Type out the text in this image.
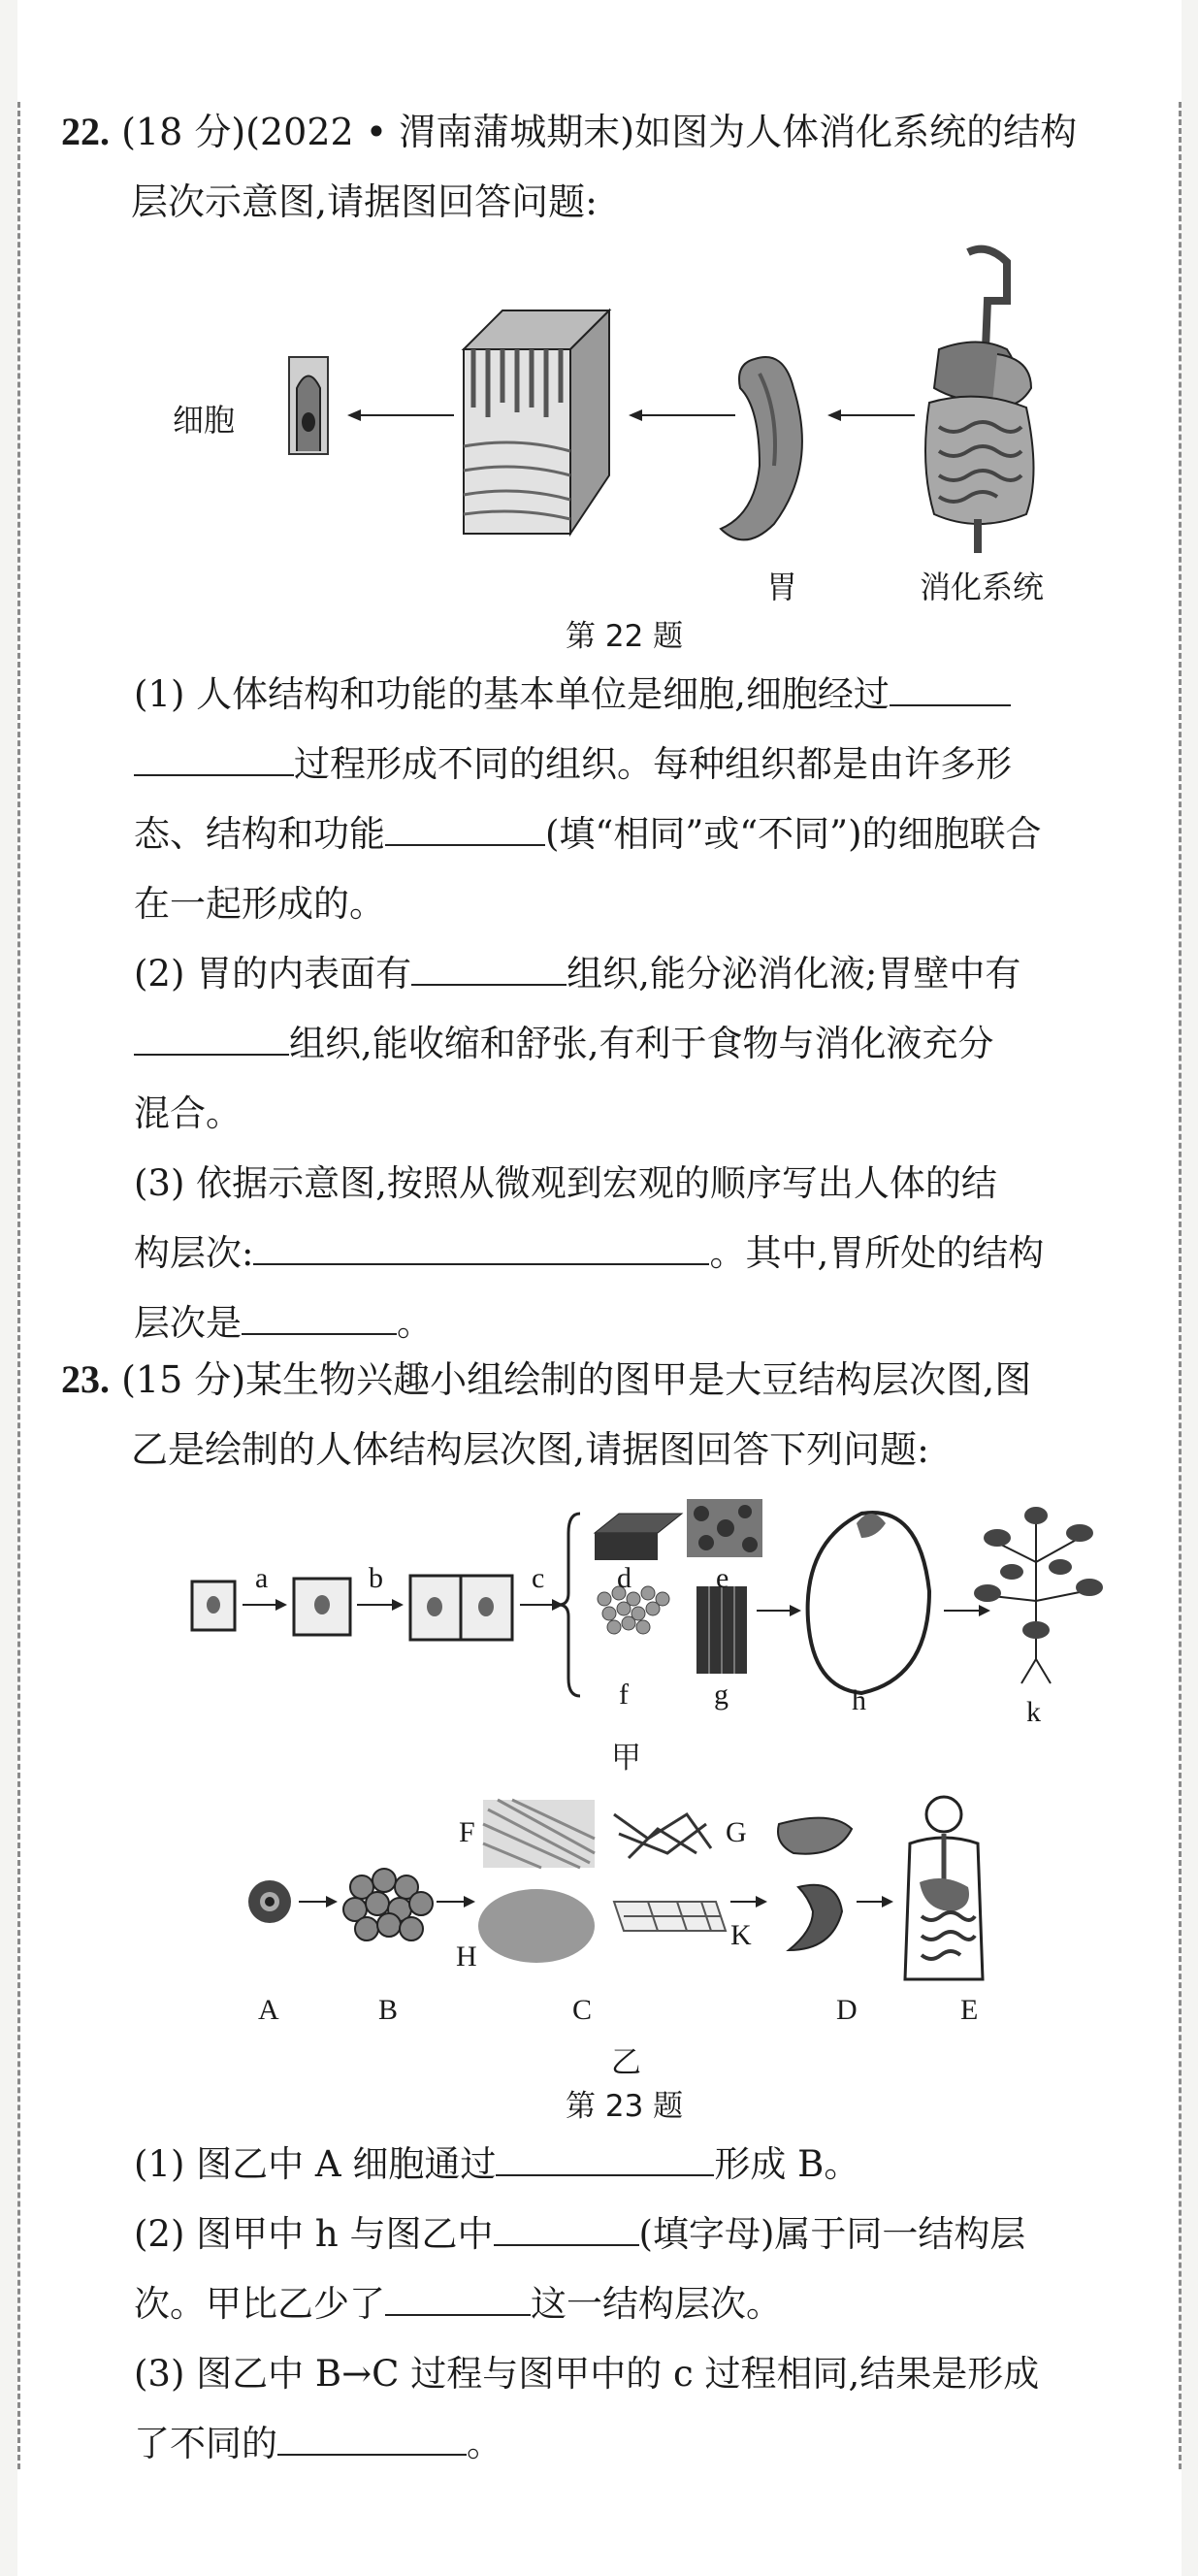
22. (18 分)(2022 • 渭南蒲城期末)如图为人体消化系统的结构
层次示意图,请据图回答问题:
细胞
胃	消化系统
第 22 题
(1) 人体结构和功能的基本单位是细胞,细胞经过
过程形成不同的组织。每种组织都是由许多形
态、结构和功能	(填“相同”或“不同”)的细胞联合
在一起形成的。
(2) 胃的内表面有	组织,能分泌消化液;胃壁中有
组织,能收缩和舒张,有利于食物与消化液充分
混合。
(3) 依据示意图,按照从微观到宏观的顺序写出人体的结
构层次:	。其中,胃所处的结构
层次是	。
23. (15 分)某生物兴趣小组绘制的图甲是大豆结构层次图,图
乙是绘制的人体结构层次图,请据图回答下列问题:
a	b	c d	e
f	g	h	k
甲
A	B	C	D	E
F	G
H
K
乙
第 23 题
(1) 图乙中 A 细胞通过	形成 B。
(2) 图甲中 h 与图乙中	(填字母)属于同一结构层
次。甲比乙少了	这一结构层次。
(3) 图乙中 B→C 过程与图甲中的 c 过程相同,结果是形成
了不同的	。
